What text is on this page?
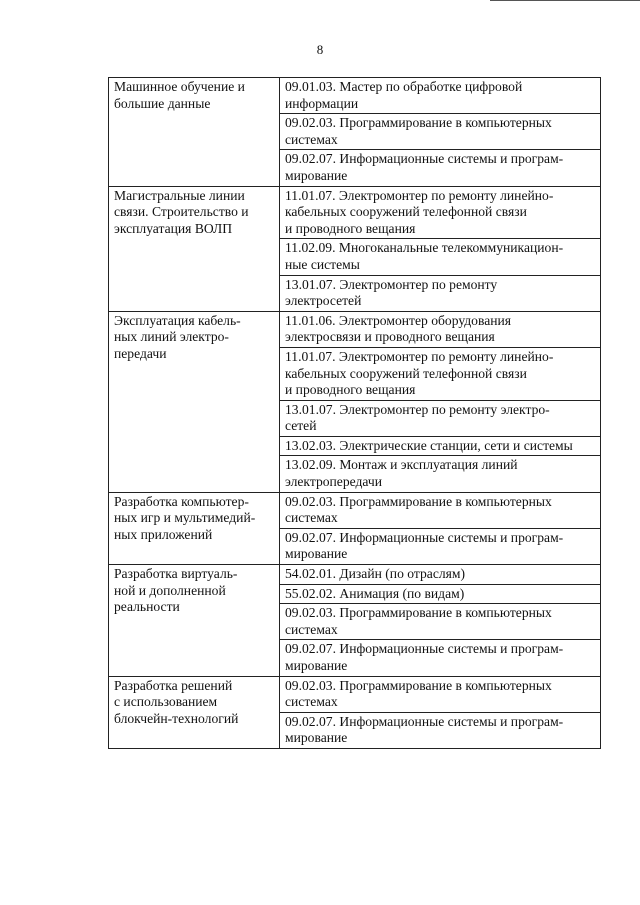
8
Машинное обучение и
большие данные	09.01.03. Мастер по обработке цифровой
информации
	09.02.03. Программирование в компьютерных
системах
	09.02.07. Информационные системы и програм-
мирование
Магистральные линии
связи. Строительство и
эксплуатация ВОЛП	11.01.07. Электромонтер по ремонту линейно-
кабельных сооружений телефонной связи
и проводного вещания
	11.02.09. Многоканальные телекоммуникацион-
ные системы
	13.01.07. Электромонтер по ремонту
электросетей
Эксплуатация кабель-
ных линий электро-
передачи	11.01.06. Электромонтер оборудования
электросвязи и проводного вещания
	11.01.07. Электромонтер по ремонту линейно-
кабельных сооружений телефонной связи
и проводного вещания
	13.01.07. Электромонтер по ремонту электро-
сетей
	13.02.03. Электрические станции, сети и системы
	13.02.09. Монтаж и эксплуатация линий
электропередачи
Разработка компьютер-
ных игр и мультимедий-
ных приложений	09.02.03. Программирование в компьютерных
системах
	09.02.07. Информационные системы и програм-
мирование
Разработка виртуаль-
ной и дополненной
реальности	54.02.01. Дизайн (по отраслям)
	55.02.02. Анимация (по видам)
	09.02.03. Программирование в компьютерных
системах
	09.02.07. Информационные системы и програм-
мирование
Разработка решений
с использованием
блокчейн-технологий	09.02.03. Программирование в компьютерных
системах
	09.02.07. Информационные системы и програм-
мирование
